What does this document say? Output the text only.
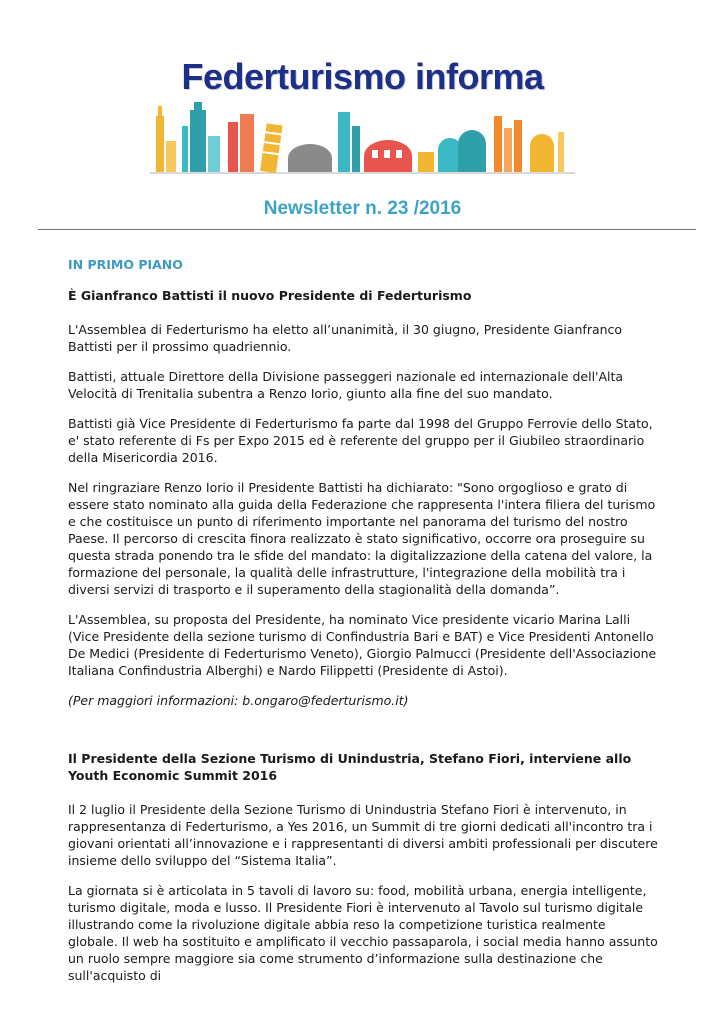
Federturismo informa
Newsletter n. 23 /2016
IN PRIMO PIANO
È Gianfranco Battisti il nuovo Presidente di Federturismo

L'Assemblea di Federturismo ha eletto all’unanimità, il 30 giugno, Presidente Gianfranco Battisti per il prossimo quadriennio.

Battisti, attuale Direttore della Divisione passeggeri nazionale ed internazionale dell'Alta Velocità di Trenitalia subentra a Renzo Iorio, giunto alla fine del suo mandato.

Battisti già Vice Presidente di Federturismo fa parte dal 1998 del Gruppo Ferrovie dello Stato, e' stato referente di Fs per Expo 2015 ed è referente del gruppo per il Giubileo straordinario della Misericordia 2016.

Nel ringraziare Renzo Iorio il Presidente Battisti ha dichiarato: "Sono orgoglioso e grato di essere stato nominato alla guida della Federazione che rappresenta l'intera filiera del turismo e che costituisce un punto di riferimento importante nel panorama del turismo del nostro Paese. Il percorso di crescita finora realizzato è stato significativo, occorre ora proseguire su questa strada ponendo tra le sfide del mandato: la digitalizzazione della catena del valore, la formazione del personale, la qualità delle infrastrutture, l'integrazione della mobilità tra i diversi servizi di trasporto e il superamento della stagionalità della domanda”.

L'Assemblea, su proposta del Presidente, ha nominato Vice presidente vicario Marina Lalli (Vice Presidente della sezione turismo di Confindustria Bari e BAT) e Vice Presidenti Antonello De Medici (Presidente di Federturismo Veneto), Giorgio Palmucci (Presidente dell'Associazione Italiana Confindustria Alberghi) e Nardo Filippetti (Presidente di Astoi).

(Per maggiori informazioni: b.ongaro@federturismo.it)

Il Presidente della Sezione Turismo di Unindustria, Stefano Fiori, interviene allo Youth Economic Summit 2016

Il 2 luglio il Presidente della Sezione Turismo di Unindustria Stefano Fiori è intervenuto, in rappresentanza di Federturismo, a Yes 2016, un Summit di tre giorni dedicati all'incontro tra i giovani orientati all’innovazione e i rappresentanti di diversi ambiti professionali per discutere insieme dello sviluppo del “Sistema Italia”.

La giornata si è articolata in 5 tavoli di lavoro su: food, mobilità urbana, energia intelligente, turismo digitale, moda e lusso. Il Presidente Fiori è intervenuto al Tavolo sul turismo digitale illustrando come la rivoluzione digitale abbia reso la competizione turistica realmente globale. Il web ha sostituito e amplificato il vecchio passaparola, i social media hanno assunto un ruolo sempre maggiore sia come strumento d’informazione sulla destinazione che sull'acquisto di
